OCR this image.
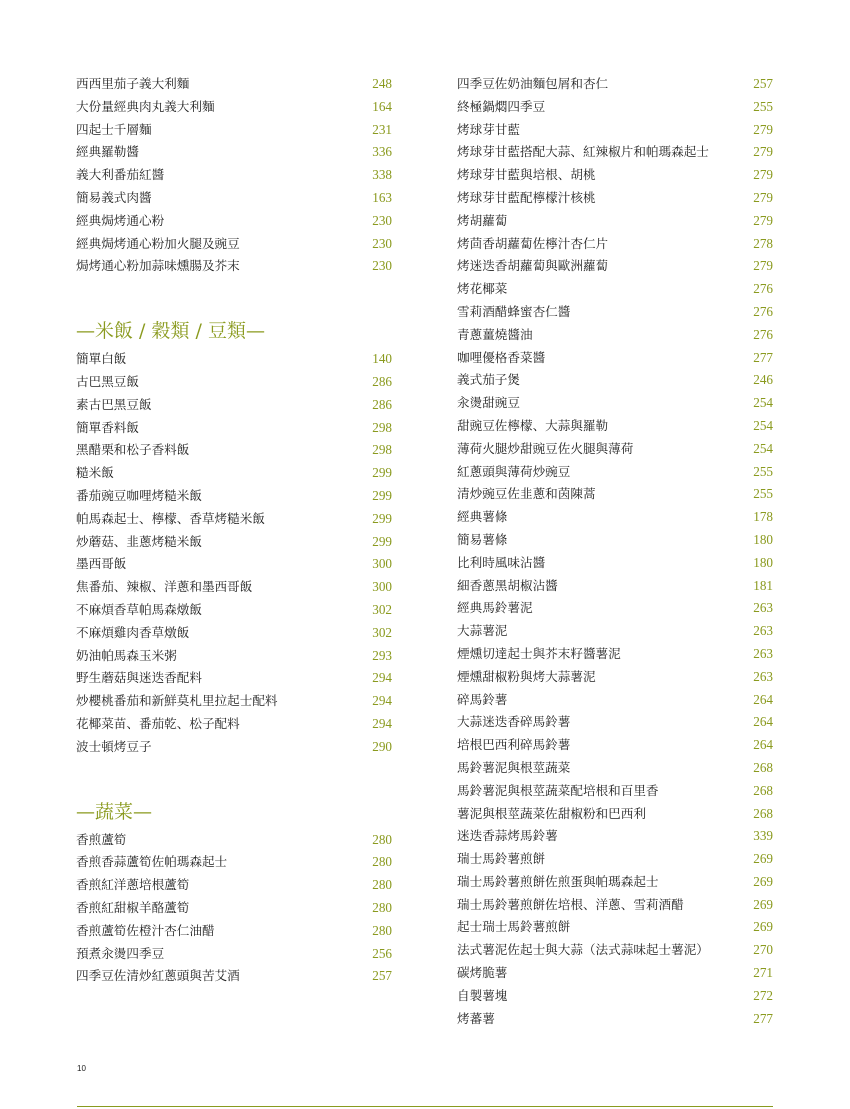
西西里茄子義大利麵	248
大份量經典肉丸義大利麵	164
四起士千層麵	231
經典羅勒醬	336
義大利番茄紅醬	338
簡易義式肉醬	163
經典焗烤通心粉	230
經典焗烤通心粉加火腿及豌豆	230
焗烤通心粉加蒜味燻腸及芥末	230
—米飯 / 穀類 / 豆類—
簡單白飯	140
古巴黑豆飯	286
素古巴黑豆飯	286
簡單香料飯	298
黑醋栗和松子香料飯	298
糙米飯	299
番茄豌豆咖哩烤糙米飯	299
帕馬森起士、檸檬、香草烤糙米飯	299
炒蘑菇、韭蔥烤糙米飯	299
墨西哥飯	300
焦番茄、辣椒、洋蔥和墨西哥飯	300
不麻煩香草帕馬森燉飯	302
不麻煩雞肉香草燉飯	302
奶油帕馬森玉米粥	293
野生蘑菇與迷迭香配料	294
炒櫻桃番茄和新鮮莫札里拉起士配料	294
花椰菜苗、番茄乾、松子配料	294
波士頓烤豆子	290
—蔬菜—
香煎蘆筍	280
香煎香蒜蘆筍佐帕瑪森起士	280
香煎紅洋蔥培根蘆筍	280
香煎紅甜椒羊酪蘆筍	280
香煎蘆筍佐橙汁杏仁油醋	280
預煮汆燙四季豆	256
四季豆佐清炒紅蔥頭與苦艾酒	257
四季豆佐奶油麵包屑和杏仁	257
終極鍋燜四季豆	255
烤球芽甘藍	279
烤球芽甘藍搭配大蒜、紅辣椒片和帕瑪森起士	279
烤球芽甘藍與培根、胡桃	279
烤球芽甘藍配檸檬汁核桃	279
烤胡蘿蔔	279
烤茴香胡蘿蔔佐檸汁杏仁片	278
烤迷迭香胡蘿蔔與歐洲蘿蔔	279
烤花椰菜	276
雪莉酒醋蜂蜜杏仁醬	276
青蔥薑燒醬油	276
咖哩優格香菜醬	277
義式茄子煲	246
汆燙甜豌豆	254
甜豌豆佐檸檬、大蒜與羅勒	254
薄荷火腿炒甜豌豆佐火腿與薄荷	254
紅蔥頭與薄荷炒豌豆	255
清炒豌豆佐韭蔥和茵陳蒿	255
經典薯條	178
簡易薯條	180
比利時風味沾醬	180
細香蔥黑胡椒沾醬	181
經典馬鈴薯泥	263
大蒜薯泥	263
煙燻切達起士與芥末籽醬薯泥	263
煙燻甜椒粉與烤大蒜薯泥	263
碎馬鈴薯	264
大蒜迷迭香碎馬鈴薯	264
培根巴西利碎馬鈴薯	264
馬鈴薯泥與根莖蔬菜	268
馬鈴薯泥與根莖蔬菜配培根和百里香	268
薯泥與根莖蔬菜佐甜椒粉和巴西利	268
迷迭香蒜烤馬鈴薯	339
瑞士馬鈴薯煎餅	269
瑞士馬鈴薯煎餅佐煎蛋與帕瑪森起士	269
瑞士馬鈴薯煎餅佐培根、洋蔥、雪莉酒醋	269
起士瑞士馬鈴薯煎餅	269
法式薯泥佐起士與大蒜（法式蒜味起士薯泥）	270
碳烤脆薯	271
自製薯塊	272
烤蕃薯	277
10
